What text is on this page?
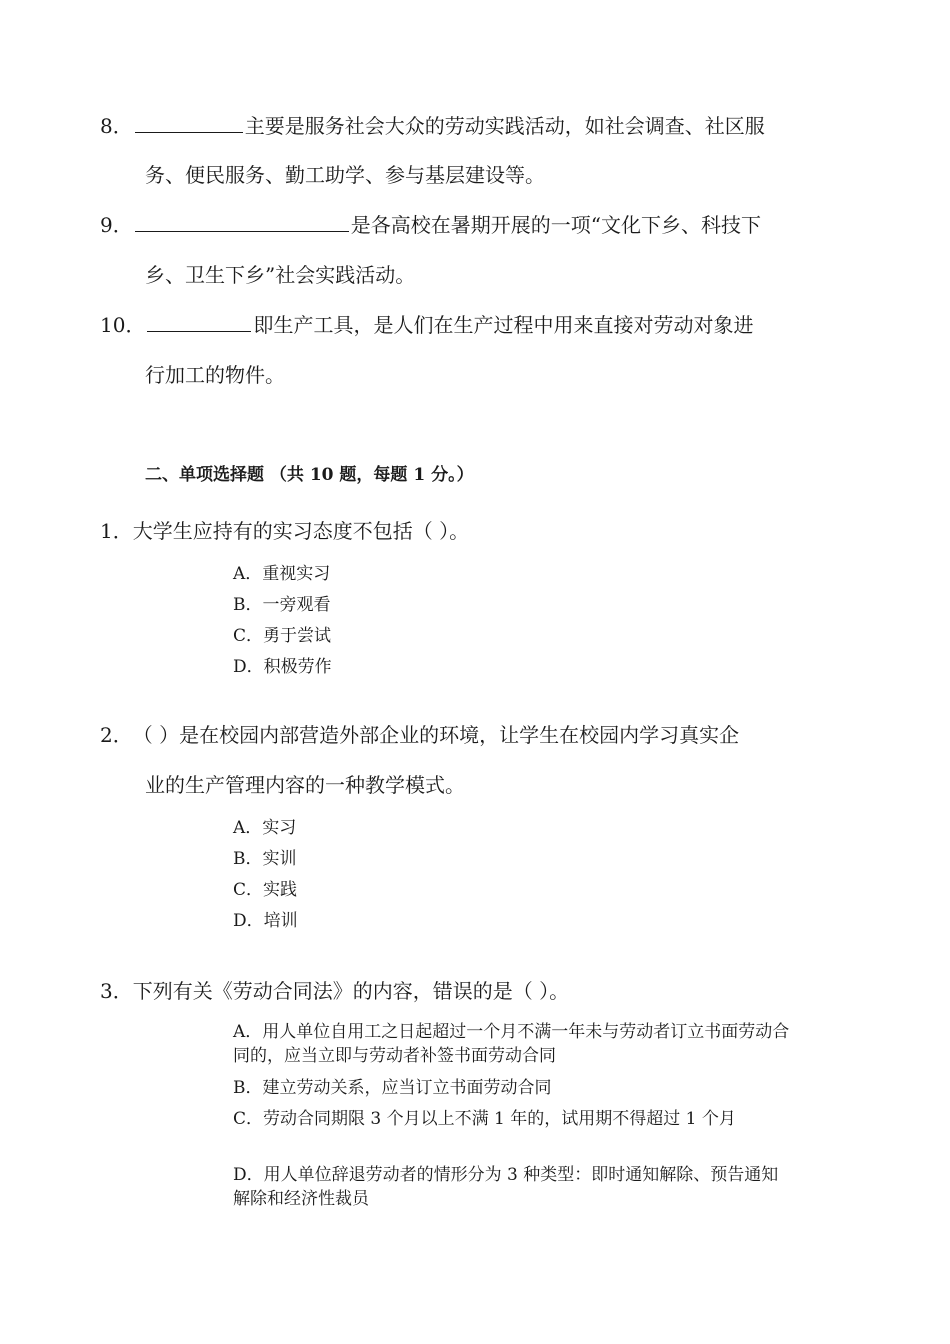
8．	主要是服务社会大众的劳动实践活动，如社会调查、社区服
务、便民服务、勤工助学、参与基层建设等。
9．	是各高校在暑期开展的一项“文化下乡、科技下
乡、卫生下乡”社会实践活动。
10．	即生产工具，是人们在生产过程中用来直接对劳动对象进
行加工的物件。
二、单项选择题 （共 10 题，每题 1 分。）
1．大学生应持有的实习态度不包括（ ）。
A．重视实习
B．一旁观看
C．勇于尝试
D．积极劳作
2．（ ）是在校园内部营造外部企业的环境，让学生在校园内学习真实企
业的生产管理内容的一种教学模式。
A．实习
B．实训
C．实践
D．培训
3．下列有关《劳动合同法》的内容，错误的是（ ）。
A．用人单位自用工之日起超过一个月不满一年未与劳动者订立书面劳动合同的，应当立即与劳动者补签书面劳动合同
B．建立劳动关系，应当订立书面劳动合同
C．劳动合同期限 3 个月以上不满 1 年的，试用期不得超过 1 个月
D．用人单位辞退劳动者的情形分为 3 种类型：即时通知解除、预告通知解除和经济性裁员
